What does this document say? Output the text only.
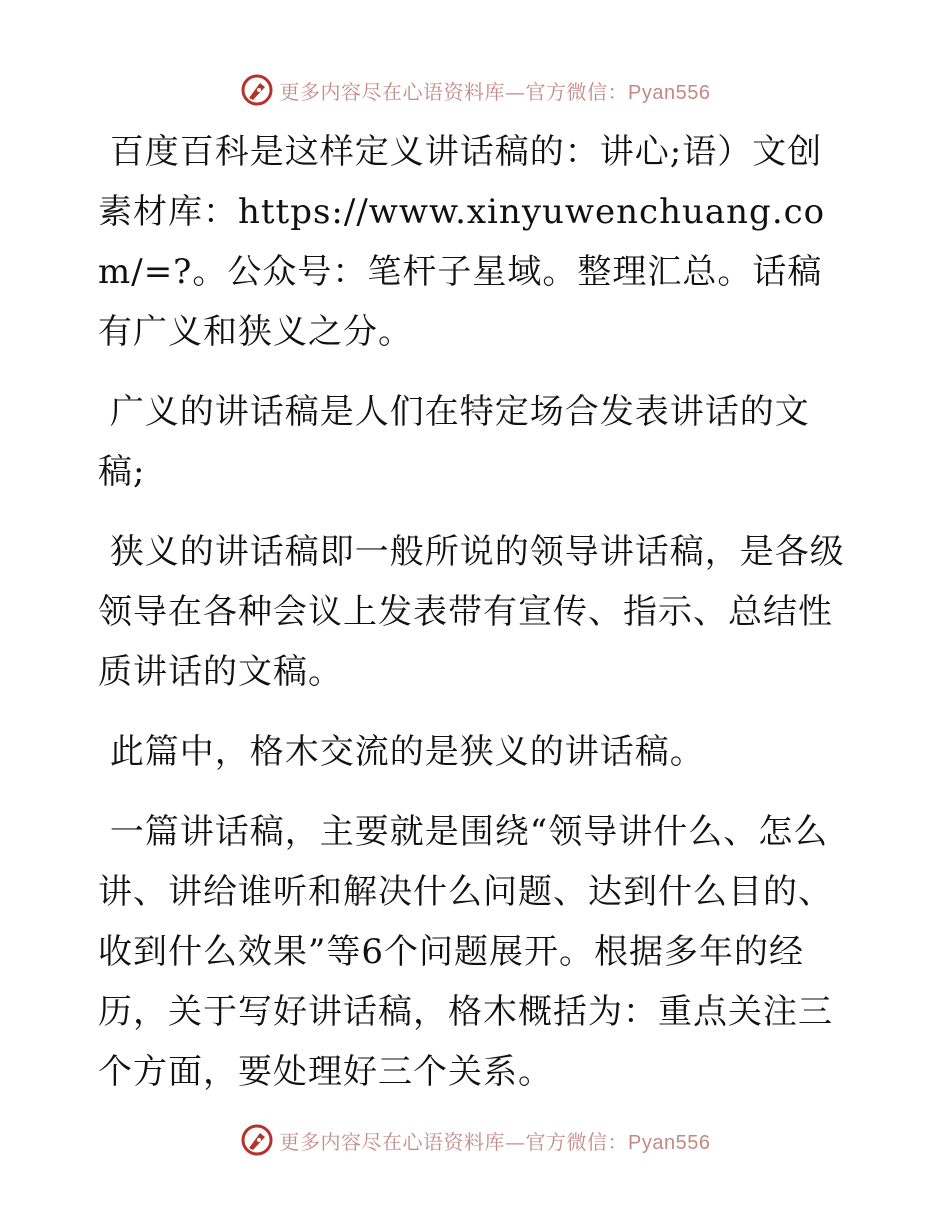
更多内容尽在心语资料库—官方微信：Pyan556

百度百科是这样定义讲话稿的：讲心;语）文创素材库：https://www.xinyuwenchuang.com/=?。公众号：笔杆子星域。整理汇总。话稿有广义和狭义之分。

广义的讲话稿是人们在特定场合发表讲话的文
稿;

狭义的讲话稿即一般所说的领导讲话稿，是各级领导在各种会议上发表带有宣传、指示、总结性质讲话的文稿。

此篇中，格木交流的是狭义的讲话稿。

一篇讲话稿，主要就是围绕“领导讲什么、怎么讲、讲给谁听和解决什么问题、达到什么目的、收到什么效果”等6个问题展开。根据多年的经历，关于写好讲话稿，格木概括为：重点关注三个方面，要处理好三个关系。

更多内容尽在心语资料库—官方微信：Pyan556
